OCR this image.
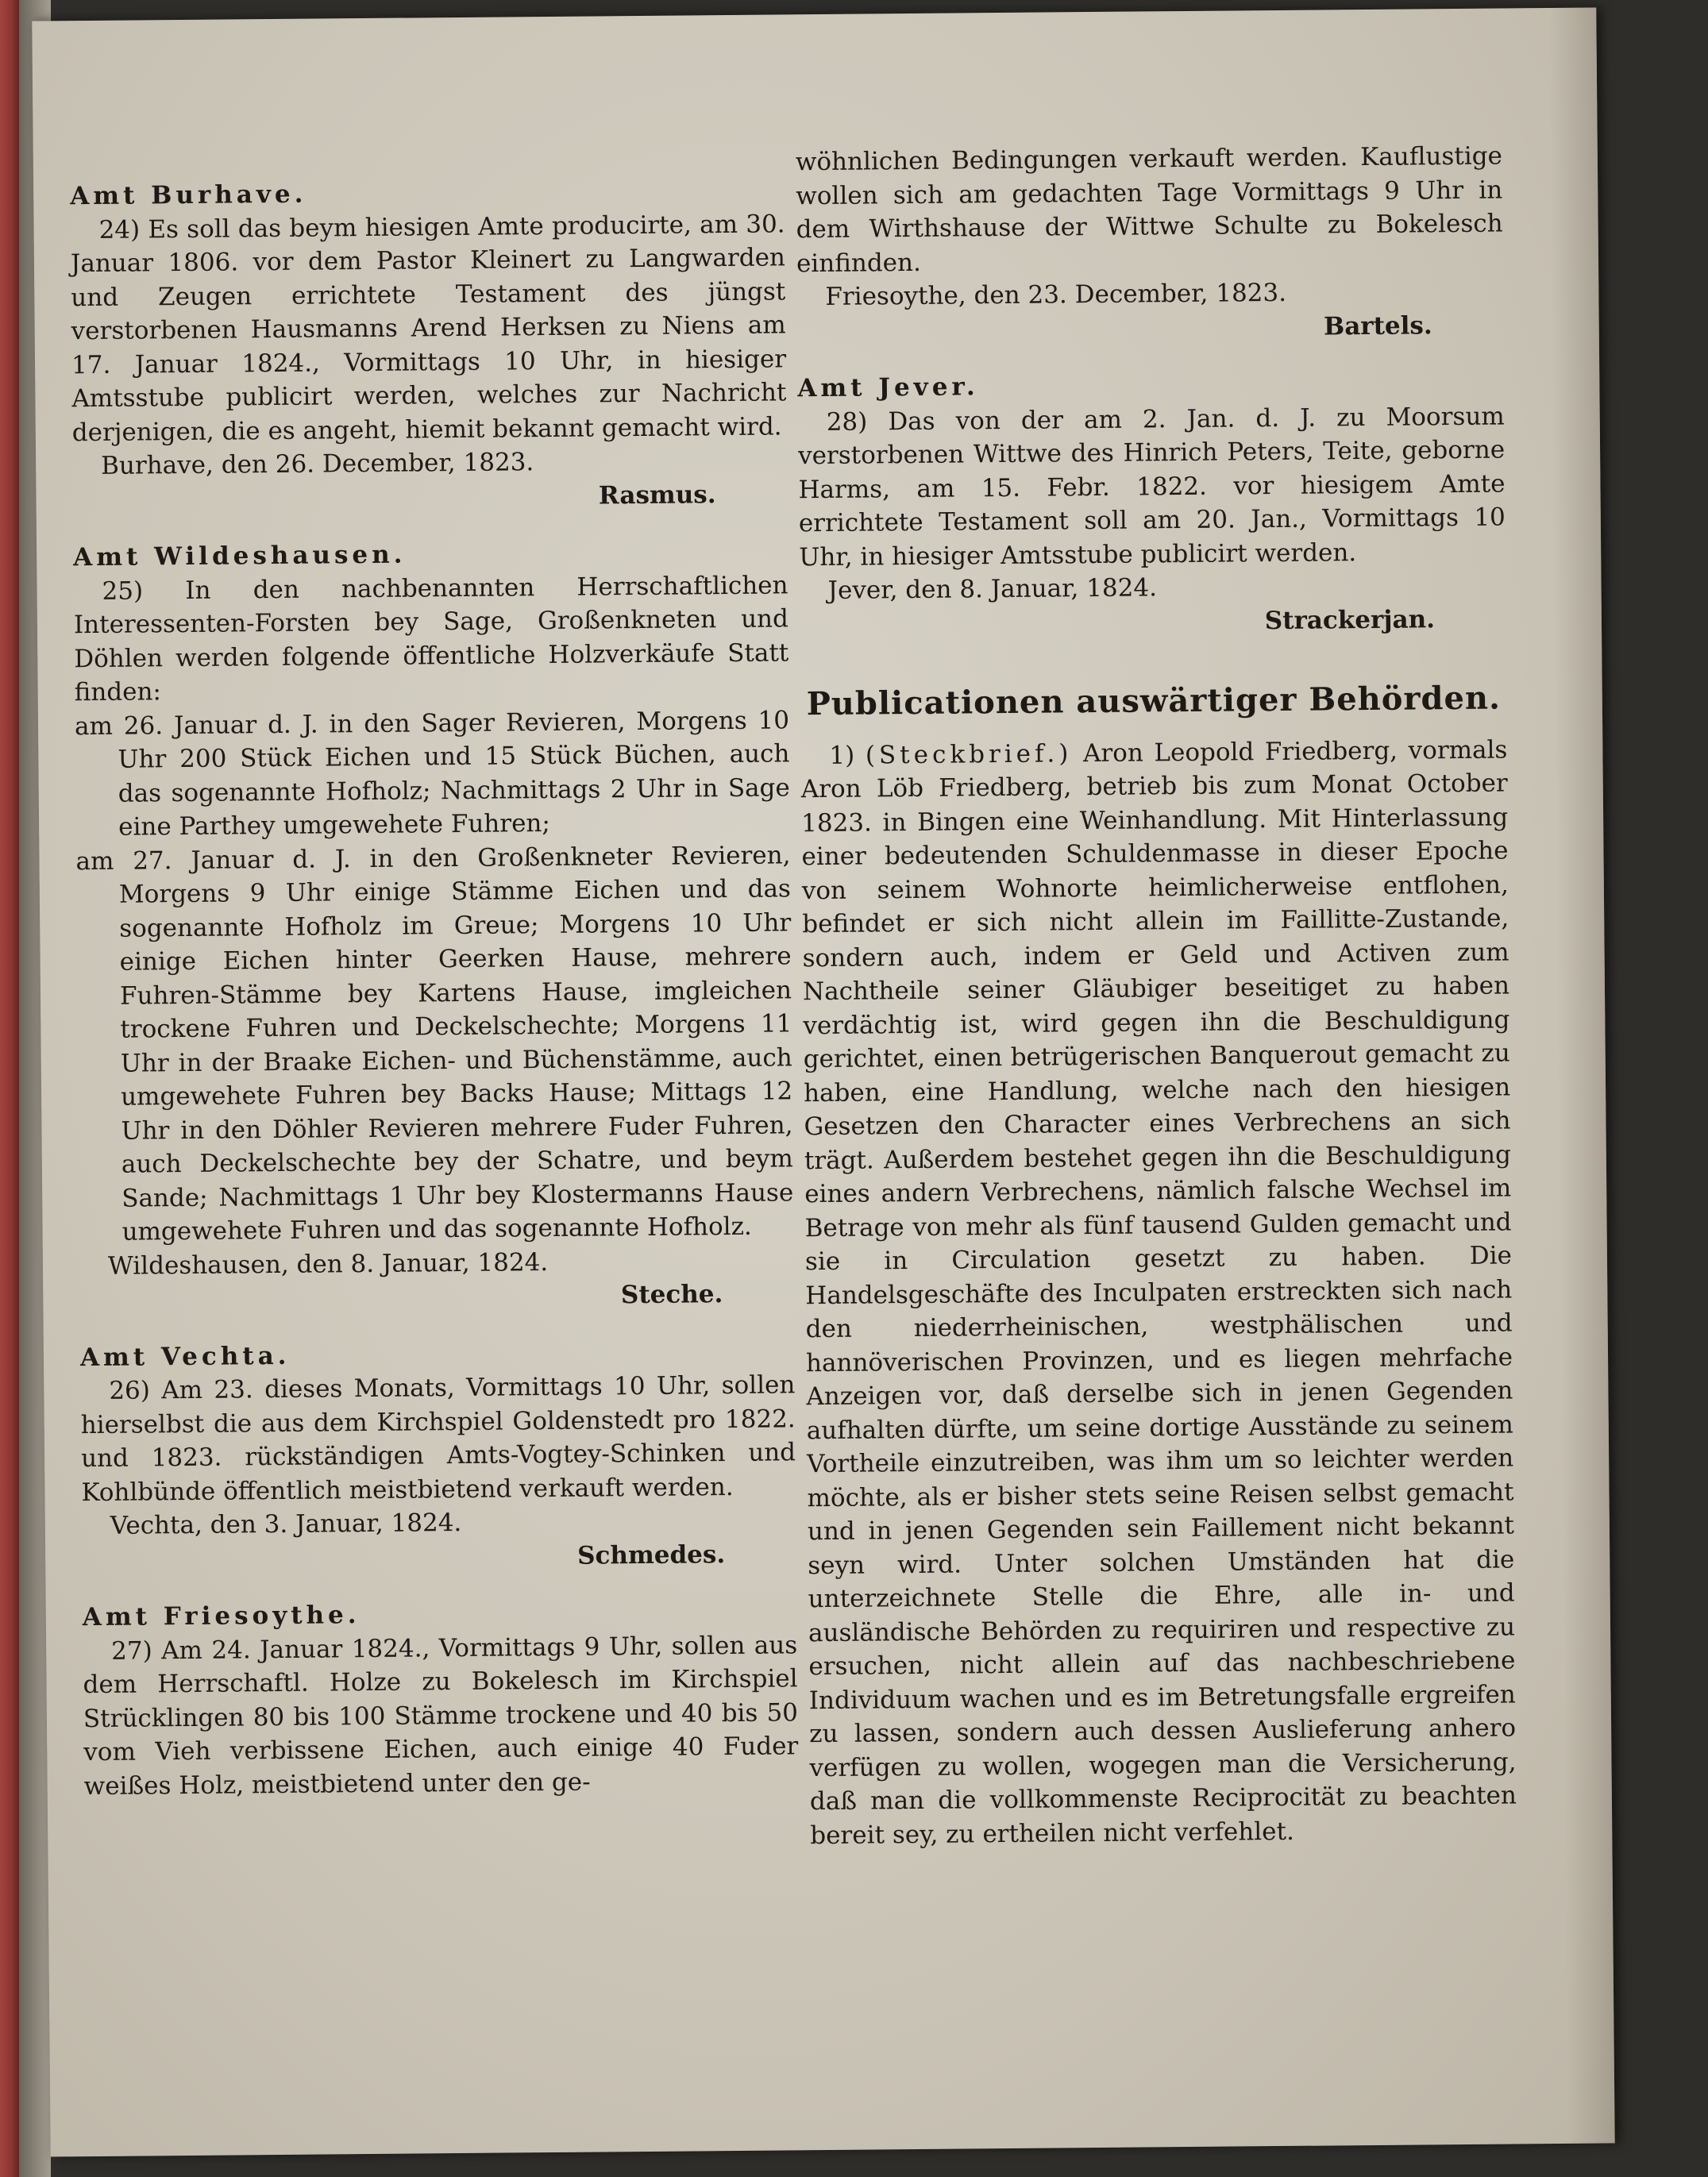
Amt Burhave.

24) Es soll das beym hiesigen Amte producirte, am 30. Januar 1806. vor dem Pastor Kleinert zu Langwarden und Zeugen errichtete Testament des jüngst verstorbenen Hausmanns Arend Herksen zu Niens am 17. Januar 1824., Vormittags 10 Uhr, in hiesiger Amtsstube publicirt werden, welches zur Nachricht derjenigen, die es angeht, hiemit bekannt gemacht wird.

Burhave, den 26. December, 1823.

Rasmus.

Amt Wildeshausen.

25) In den nachbenannten Herrschaftlichen Interessenten-Forsten bey Sage, Großenkneten und Döhlen werden folgende öffentliche Holzverkäufe Statt finden:

am 26. Januar d. J. in den Sager Revieren, Morgens 10 Uhr 200 Stück Eichen und 15 Stück Büchen, auch das sogenannte Hofholz; Nachmittags 2 Uhr in Sage eine Parthey umgewehete Fuhren;

am 27. Januar d. J. in den Großenkneter Revieren, Morgens 9 Uhr einige Stämme Eichen und das sogenannte Hofholz im Greue; Morgens 10 Uhr einige Eichen hinter Geerken Hause, mehrere Fuhren-Stämme bey Kartens Hause, imgleichen trockene Fuhren und Deckelschechte; Morgens 11 Uhr in der Braake Eichen- und Büchenstämme, auch umgewehete Fuhren bey Backs Hause; Mittags 12 Uhr in den Döhler Revieren mehrere Fuder Fuhren, auch Deckelschechte bey der Schatre, und beym Sande; Nachmittags 1 Uhr bey Klostermanns Hause umgewehete Fuhren und das sogenannte Hofholz.

Wildeshausen, den 8. Januar, 1824.

Steche.

Amt Vechta.

26) Am 23. dieses Monats, Vormittags 10 Uhr, sollen hierselbst die aus dem Kirchspiel Goldenstedt pro 1822. und 1823. rückständigen Amts-Vogtey-Schinken und Kohlbünde öffentlich meistbietend verkauft werden.

Vechta, den 3. Januar, 1824.

Schmedes.

Amt Friesoythe.

27) Am 24. Januar 1824., Vormittags 9 Uhr, sollen aus dem Herrschaftl. Holze zu Bokelesch im Kirchspiel Strücklingen 80 bis 100 Stämme trockene und 40 bis 50 vom Vieh verbissene Eichen, auch einige 40 Fuder weißes Holz, meistbietend unter den ge-

wöhnlichen Bedingungen verkauft werden. Kauflustige wollen sich am gedachten Tage Vormittags 9 Uhr in dem Wirthshause der Wittwe Schulte zu Bokelesch einfinden.

Friesoythe, den 23. December, 1823.

Bartels.

Amt Jever.

28) Das von der am 2. Jan. d. J. zu Moorsum verstorbenen Wittwe des Hinrich Peters, Teite, geborne Harms, am 15. Febr. 1822. vor hiesigem Amte errichtete Testament soll am 20. Jan., Vormittags 10 Uhr, in hiesiger Amtsstube publicirt werden.

Jever, den 8. Januar, 1824.

Strackerjan.

Publicationen auswärtiger Behörden.

1) (Steckbrief.) Aron Leopold Friedberg, vormals Aron Löb Friedberg, betrieb bis zum Monat October 1823. in Bingen eine Weinhandlung. Mit Hinterlassung einer bedeutenden Schuldenmasse in dieser Epoche von seinem Wohnorte heimlicherweise entflohen, befindet er sich nicht allein im Faillitte-Zustande, sondern auch, indem er Geld und Activen zum Nachtheile seiner Gläubiger beseitiget zu haben verdächtig ist, wird gegen ihn die Beschuldigung gerichtet, einen betrügerischen Banquerout gemacht zu haben, eine Handlung, welche nach den hiesigen Gesetzen den Character eines Verbrechens an sich trägt. Außerdem bestehet gegen ihn die Beschuldigung eines andern Verbrechens, nämlich falsche Wechsel im Betrage von mehr als fünf tausend Gulden gemacht und sie in Circulation gesetzt zu haben. Die Handelsgeschäfte des Inculpaten erstreckten sich nach den niederrheinischen, westphälischen und hannöverischen Provinzen, und es liegen mehrfache Anzeigen vor, daß derselbe sich in jenen Gegenden aufhalten dürfte, um seine dortige Ausstände zu seinem Vortheile einzutreiben, was ihm um so leichter werden möchte, als er bisher stets seine Reisen selbst gemacht und in jenen Gegenden sein Faillement nicht bekannt seyn wird. Unter solchen Umständen hat die unterzeichnete Stelle die Ehre, alle in- und ausländische Behörden zu requiriren und respective zu ersuchen, nicht allein auf das nachbeschriebene Individuum wachen und es im Betretungsfalle ergreifen zu lassen, sondern auch dessen Auslieferung anhero verfügen zu wollen, wogegen man die Versicherung, daß man die vollkommenste Reciprocität zu beachten bereit sey, zu ertheilen nicht verfehlet.
